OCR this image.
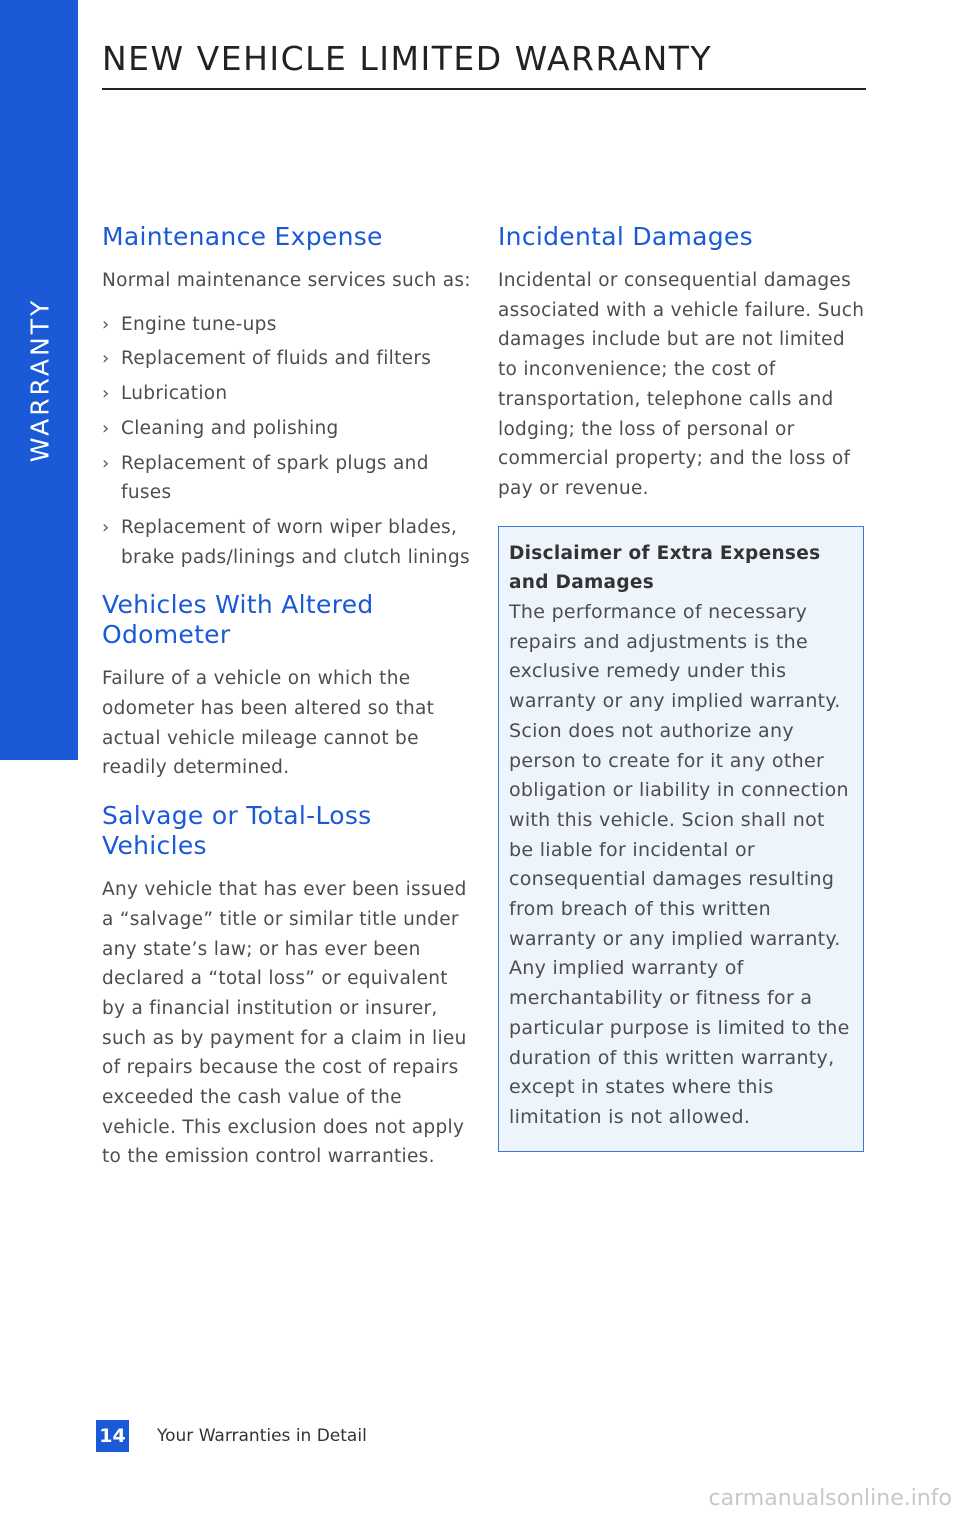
WARRANTY
NEW VEHICLE LIMITED WARRANTY
Maintenance Expense

Normal maintenance services such as:

› Engine tune-ups
› Replacement of fluids and filters
› Lubrication
› Cleaning and polishing
› Replacement of spark plugs and fuses
› Replacement of worn wiper blades, brake pads/linings and clutch linings
Vehicles With Altered Odometer

Failure of a vehicle on which the odometer has been altered so that actual vehicle mileage cannot be readily determined.

Salvage or Total-Loss Vehicles

Any vehicle that has ever been issued a “salvage” title or similar title under any state’s law; or has ever been declared a “total loss” or equivalent by a financial institution or insurer, such as by payment for a claim in lieu of repairs because the cost of repairs exceeded the cash value of the vehicle. This exclusion does not apply to the emission control warranties.

Incidental Damages

Incidental or consequential damages associated with a vehicle failure. Such damages include but are not limited to inconvenience; the cost of transportation, telephone calls and lodging; the loss of personal or commercial property; and the loss of pay or revenue.

Disclaimer of Extra Expenses and Damages

The performance of necessary repairs and adjustments is the exclusive remedy under this warranty or any implied warranty. Scion does not authorize any person to create for it any other obligation or liability in connection with this vehicle. Scion shall not be liable for incidental or consequential damages resulting from breach of this written warranty or any implied warranty. Any implied warranty of merchantability or fitness for a particular purpose is limited to the duration of this written warranty, except in states where this limitation is not allowed.

14 Your Warranties in Detail
carmanualsonline.info
